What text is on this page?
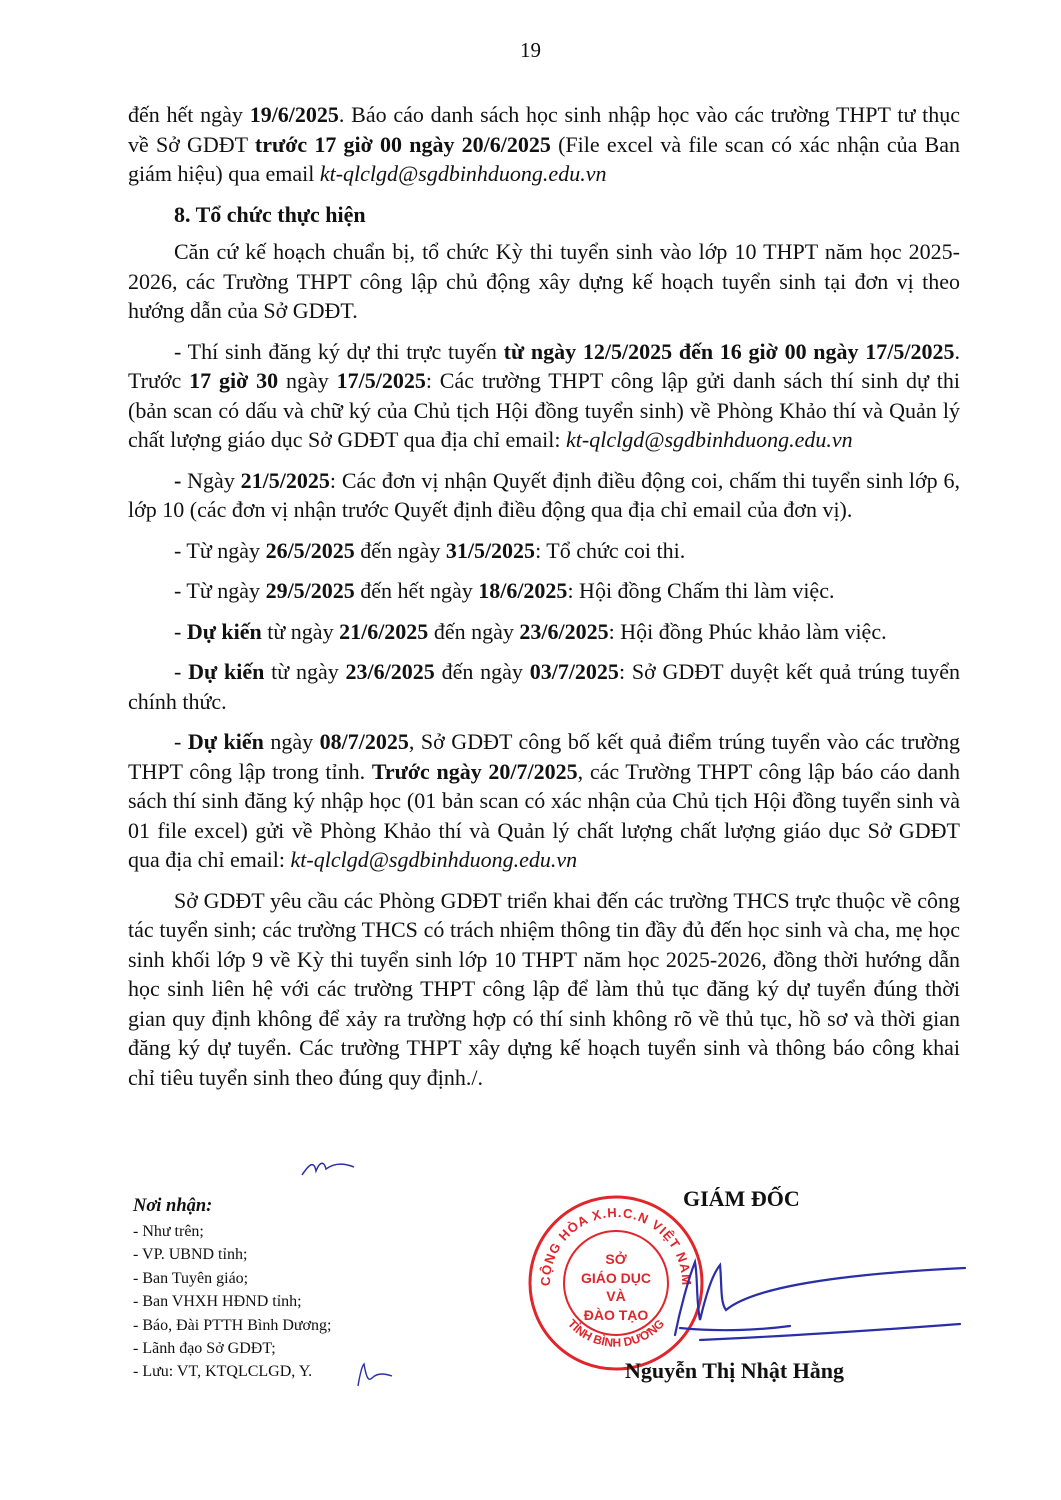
19

đến hết ngày 19/6/2025. Báo cáo danh sách học sinh nhập học vào các trường THPT tư thục về Sở GDĐT trước 17 giờ 00 ngày 20/6/2025 (File excel và file scan có xác nhận của Ban giám hiệu) qua email kt-qlclgd@sgdbinhduong.edu.vn

8. Tổ chức thực hiện

Căn cứ kế hoạch chuẩn bị, tổ chức Kỳ thi tuyển sinh vào lớp 10 THPT năm học 2025-2026, các Trường THPT công lập chủ động xây dựng kế hoạch tuyển sinh tại đơn vị theo hướng dẫn của Sở GDĐT.

- Thí sinh đăng ký dự thi trực tuyến từ ngày 12/5/2025 đến 16 giờ 00 ngày 17/5/2025. Trước 17 giờ 30 ngày 17/5/2025: Các trường THPT công lập gửi danh sách thí sinh dự thi (bản scan có dấu và chữ ký của Chủ tịch Hội đồng tuyển sinh) về Phòng Khảo thí và Quản lý chất lượng giáo dục Sở GDĐT qua địa chỉ email: kt-qlclgd@sgdbinhduong.edu.vn

- Ngày 21/5/2025: Các đơn vị nhận Quyết định điều động coi, chấm thi tuyển sinh lớp 6, lớp 10 (các đơn vị nhận trước Quyết định điều động qua địa chỉ email của đơn vị).

- Từ ngày 26/5/2025 đến ngày 31/5/2025: Tổ chức coi thi.

- Từ ngày 29/5/2025 đến hết ngày 18/6/2025: Hội đồng Chấm thi làm việc.

- Dự kiến từ ngày 21/6/2025 đến ngày 23/6/2025: Hội đồng Phúc khảo làm việc.

- Dự kiến từ ngày 23/6/2025 đến ngày 03/7/2025: Sở GDĐT duyệt kết quả trúng tuyển chính thức.

- Dự kiến ngày 08/7/2025, Sở GDĐT công bố kết quả điểm trúng tuyển vào các trường THPT công lập trong tỉnh. Trước ngày 20/7/2025, các Trường THPT công lập báo cáo danh sách thí sinh đăng ký nhập học (01 bản scan có xác nhận của Chủ tịch Hội đồng tuyển sinh và 01 file excel) gửi về Phòng Khảo thí và Quản lý chất lượng chất lượng giáo dục Sở GDĐT qua địa chỉ email: kt-qlclgd@sgdbinhduong.edu.vn

Sở GDĐT yêu cầu các Phòng GDĐT triển khai đến các trường THCS trực thuộc về công tác tuyển sinh; các trường THCS có trách nhiệm thông tin đầy đủ đến học sinh và cha, mẹ học sinh khối lớp 9 về Kỳ thi tuyển sinh lớp 10 THPT năm học 2025-2026, đồng thời hướng dẫn học sinh liên hệ với các trường THPT công lập để làm thủ tục đăng ký dự tuyển đúng thời gian quy định không để xảy ra trường hợp có thí sinh không rõ về thủ tục, hồ sơ và thời gian đăng ký dự tuyển. Các trường THPT xây dựng kế hoạch tuyển sinh và thông báo công khai chỉ tiêu tuyển sinh theo đúng quy định./.

Nơi nhận:
- Như trên;
- VP. UBND tỉnh;
- Ban Tuyên giáo;
- Ban VHXH HĐND tỉnh;
- Báo, Đài PTTH Bình Dương;
- Lãnh đạo Sở GDĐT;
- Lưu: VT, KTQLCLGD, Y.
GIÁM ĐỐC
CỘNG HÒA X.H.C.N VIỆT NAM
TỈNH BÌNH DƯƠNG
SỞ
GIÁO DỤC
VÀ
ĐÀO TẠO
Nguyễn Thị Nhật Hằng
